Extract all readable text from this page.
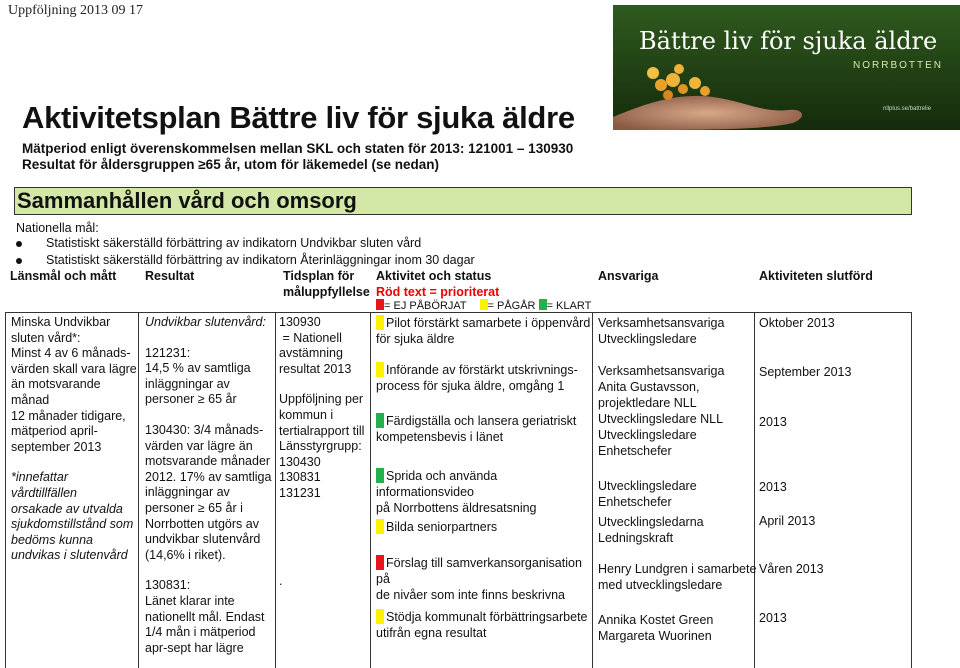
Uppföljning 2013 09 17
Bättre liv för sjuka äldre
NORRBOTTEN
nllplus.se/battrelie
Aktivitetsplan Bättre liv för sjuka äldre
Mätperiod enligt överenskommelsen mellan SKL och staten för 2013: 121001 – 130930
Resultat för åldersgruppen ≥65 år, utom för läkemedel (se nedan)
Sammanhållen vård och omsorg
Nationella mål:
Statistiskt säkerställd förbättring av indikatorn Undvikbar sluten vård
Statistiskt säkerställd förbättring av indikatorn Återinläggningar inom 30 dagar
Länsmål och mått Resultat	Tidsplan för
måluppfyllelse
Aktivitet och status
Röd text = prioriterat
Ansvariga	Aktiviteten slutförd
= EJ PÅBÖRJAT = PÅGÅR = KLART
Minska Undvikbar
sluten vård*:
Minst 4 av 6 månads-
värden skall vara lägre
än motsvarande månad
12 månader tidigare,
mätperiod april-
september 2013
*innefattar vårdtillfällen
orsakade av utvalda
sjukdomstillstånd som
bedöms kunna
undvikas i slutenvård
Undvikbar slutenvård:
121231:
14,5 % av samtliga
inläggningar av
personer ≥ 65 år
130430: 3/4 månads-
värden var lägre än
motsvarande månader
2012. 17% av samtliga
inläggningar av
personer ≥ 65 år i
Norrbotten utgörs av
undvikbar slutenvård
(14,6% i riket).
130831:
Länet klarar inte
nationellt mål. Endast
1/4 mån i mätperiod
apr-sept har lägre
130930
= Nationell
avstämning
resultat 2013
Uppföljning per
kommun i
tertialrapport till
Länsstyrgrupp:
130430
130831
131231
.
Pilot förstärkt samarbete i öppenvård
för sjuka äldre
Införande av förstärkt utskrivnings-
process för sjuka äldre, omgång 1
Färdigställa och lansera geriatriskt
kompetensbevis i länet
Sprida och använda informationsvideo
på Norrbottens äldresatsning
Bilda seniorpartners
Förslag till samverkansorganisation på
de nivåer som inte finns beskrivna
Stödja kommunalt förbättringsarbete
utifrån egna resultat
Verksamhetsansvariga
Utvecklingsledare
Verksamhetsansvariga
Anita Gustavsson,
projektledare NLL
Utvecklingsledare NLL
Utvecklingsledare
Enhetschefer
Utvecklingsledare
Enhetschefer
Utvecklingsledarna
Ledningskraft
Henry Lundgren i samarbete
med utvecklingsledare
Annika Kostet Green
Margareta Wuorinen
Oktober 2013
September 2013
2013
2013
April 2013
Våren 2013
2013
